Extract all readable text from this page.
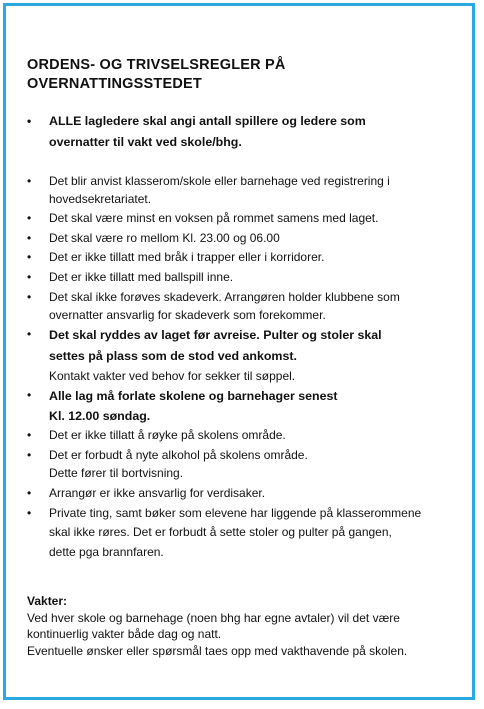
ORDENS- OG TRIVSELSREGLER PÅ
OVERNATTINGSSTEDET
•	ALLE lagledere skal angi antall spillere og ledere som
overnatter til vakt ved skole/bhg.
•	Det blir anvist klasserom/skole eller barnehage ved registrering i
hovedsekretariatet.
•	Det skal være minst en voksen på rommet samens med laget.
•	Det skal være ro mellom Kl. 23.00 og 06.00
•	Det er ikke tillatt med bråk i trapper eller i korridorer.
•	Det er ikke tillatt med ballspill inne.
•	Det skal ikke forøves skadeverk. Arrangøren holder klubbene som
overnatter ansvarlig for skadeverk som forekommer.
•	Det skal ryddes av laget før avreise. Pulter og stoler skal
settes på plass som de stod ved ankomst.
Kontakt vakter ved behov for sekker til søppel.
•	Alle lag må forlate skolene og barnehager senest
Kl. 12.00 søndag.
•	Det er ikke tillatt å røyke på skolens område.
•	Det er forbudt å nyte alkohol på skolens område.
Dette fører til bortvisning.
•	Arrangør er ikke ansvarlig for verdisaker.
•	Private ting, samt bøker som elevene har liggende på klasserommene
skal ikke røres. Det er forbudt å sette stoler og pulter på gangen,
dette pga brannfaren.
Vakter:
Ved hver skole og barnehage (noen bhg har egne avtaler) vil det være
kontinuerlig vakter både dag og natt.
Eventuelle ønsker eller spørsmål taes opp med vakthavende på skolen.
